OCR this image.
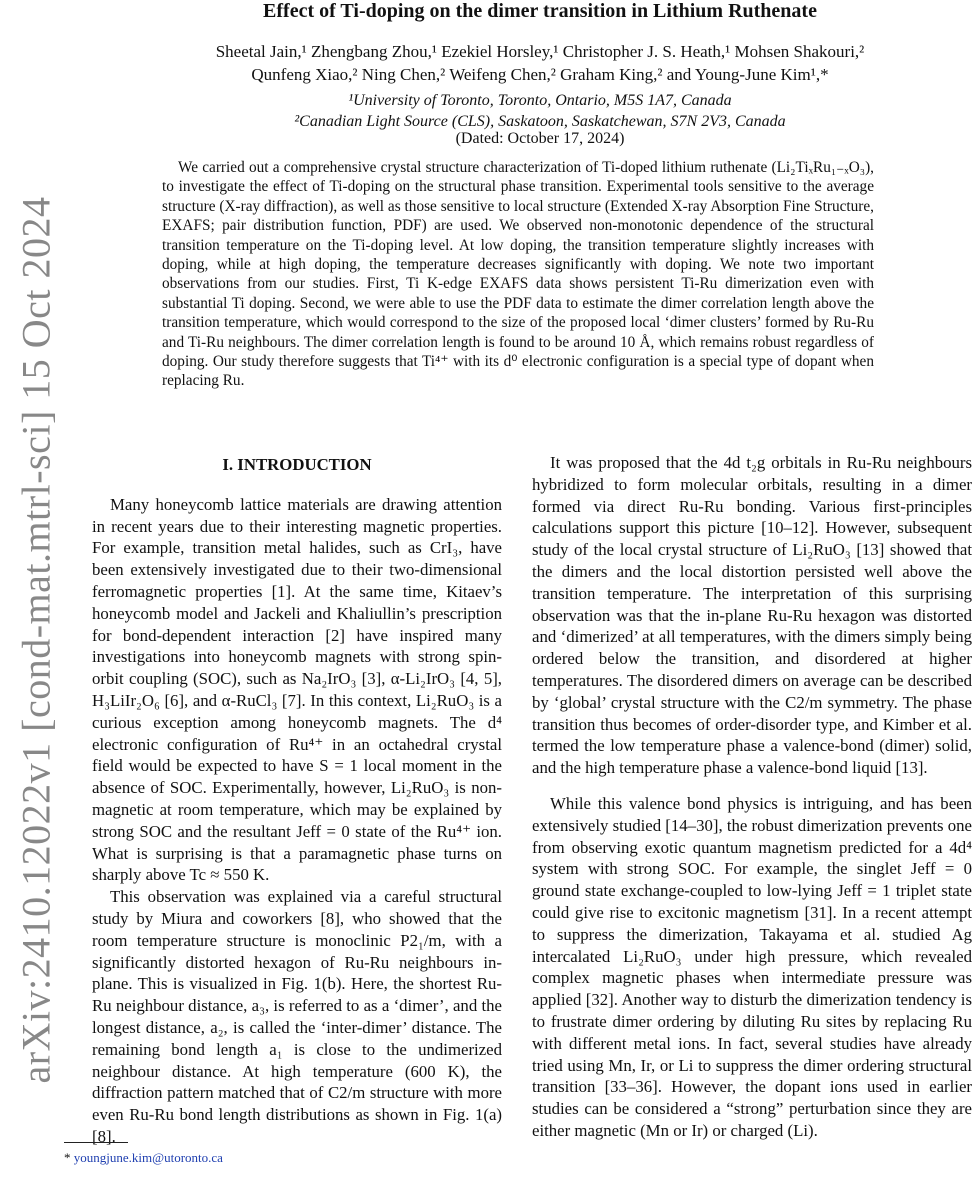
arXiv:2410.12022v1 [cond-mat.mtrl-sci] 15 Oct 2024
Effect of Ti-doping on the dimer transition in Lithium Ruthenate
Sheetal Jain,¹ Zhengbang Zhou,¹ Ezekiel Horsley,¹ Christopher J. S. Heath,¹ Mohsen Shakouri,²
Qunfeng Xiao,² Ning Chen,² Weifeng Chen,² Graham King,² and Young-June Kim¹,*
¹University of Toronto, Toronto, Ontario, M5S 1A7, Canada
²Canadian Light Source (CLS), Saskatoon, Saskatchewan, S7N 2V3, Canada
(Dated: October 17, 2024)
We carried out a comprehensive crystal structure characterization of Ti-doped lithium ruthenate (Li₂TiₓRu₁₋ₓO₃), to investigate the effect of Ti-doping on the structural phase transition. Experimental tools sensitive to the average structure (X-ray diffraction), as well as those sensitive to local structure (Extended X-ray Absorption Fine Structure, EXAFS; pair distribution function, PDF) are used. We observed non-monotonic dependence of the structural transition temperature on the Ti-doping level. At low doping, the transition temperature slightly increases with doping, while at high doping, the temperature decreases significantly with doping. We note two important observations from our studies. First, Ti K-edge EXAFS data shows persistent Ti-Ru dimerization even with substantial Ti doping. Second, we were able to use the PDF data to estimate the dimer correlation length above the transition temperature, which would correspond to the size of the proposed local ‘dimer clusters’ formed by Ru-Ru and Ti-Ru neighbours. The dimer correlation length is found to be around 10 Å, which remains robust regardless of doping. Our study therefore suggests that Ti⁴⁺ with its d⁰ electronic configuration is a special type of dopant when replacing Ru.
I. INTRODUCTION

Many honeycomb lattice materials are drawing attention in recent years due to their interesting magnetic properties. For example, transition metal halides, such as CrI₃, have been extensively investigated due to their two-dimensional ferromagnetic properties [1]. At the same time, Kitaev’s honeycomb model and Jackeli and Khaliullin’s prescription for bond-dependent interaction [2] have inspired many investigations into honeycomb magnets with strong spin-orbit coupling (SOC), such as Na₂IrO₃ [3], α-Li₂IrO₃ [4, 5], H₃LiIr₂O₆ [6], and α-RuCl₃ [7]. In this context, Li₂RuO₃ is a curious exception among honeycomb magnets. The d⁴ electronic configuration of Ru⁴⁺ in an octahedral crystal field would be expected to have S = 1 local moment in the absence of SOC. Experimentally, however, Li₂RuO₃ is non-magnetic at room temperature, which may be explained by strong SOC and the resultant Jeff = 0 state of the Ru⁴⁺ ion. What is surprising is that a paramagnetic phase turns on sharply above Tc ≈ 550 K.

This observation was explained via a careful structural study by Miura and coworkers [8], who showed that the room temperature structure is monoclinic P2₁/m, with a significantly distorted hexagon of Ru-Ru neighbours in-plane. This is visualized in Fig. 1(b). Here, the shortest Ru-Ru neighbour distance, a₃, is referred to as a ‘dimer’, and the longest distance, a₂, is called the ‘inter-dimer’ distance. The remaining bond length a₁ is close to the undimerized neighbour distance. At high temperature (600 K), the diffraction pattern matched that of C2/m structure with more even Ru-Ru bond length distributions as shown in Fig. 1(a) [8].

It was proposed that the 4d t₂g orbitals in Ru-Ru neighbours hybridized to form molecular orbitals, resulting in a dimer formed via direct Ru-Ru bonding. Various first-principles calculations support this picture [10–12]. However, subsequent study of the local crystal structure of Li₂RuO₃ [13] showed that the dimers and the local distortion persisted well above the transition temperature. The interpretation of this surprising observation was that the in-plane Ru-Ru hexagon was distorted and ‘dimerized’ at all temperatures, with the dimers simply being ordered below the transition, and disordered at higher temperatures. The disordered dimers on average can be described by ‘global’ crystal structure with the C2/m symmetry. The phase transition thus becomes of order-disorder type, and Kimber et al. termed the low temperature phase a valence-bond (dimer) solid, and the high temperature phase a valence-bond liquid [13].

While this valence bond physics is intriguing, and has been extensively studied [14–30], the robust dimerization prevents one from observing exotic quantum magnetism predicted for a 4d⁴ system with strong SOC. For example, the singlet Jeff = 0 ground state exchange-coupled to low-lying Jeff = 1 triplet state could give rise to excitonic magnetism [31]. In a recent attempt to suppress the dimerization, Takayama et al. studied Ag intercalated Li₂RuO₃ under high pressure, which revealed complex magnetic phases when intermediate pressure was applied [32]. Another way to disturb the dimerization tendency is to frustrate dimer ordering by diluting Ru sites by replacing Ru with different metal ions. In fact, several studies have already tried using Mn, Ir, or Li to suppress the dimer ordering structural transition [33–36]. However, the dopant ions used in earlier studies can be considered a “strong” perturbation since they are either magnetic (Mn or Ir) or charged (Li).

* youngjune.kim@utoronto.ca
